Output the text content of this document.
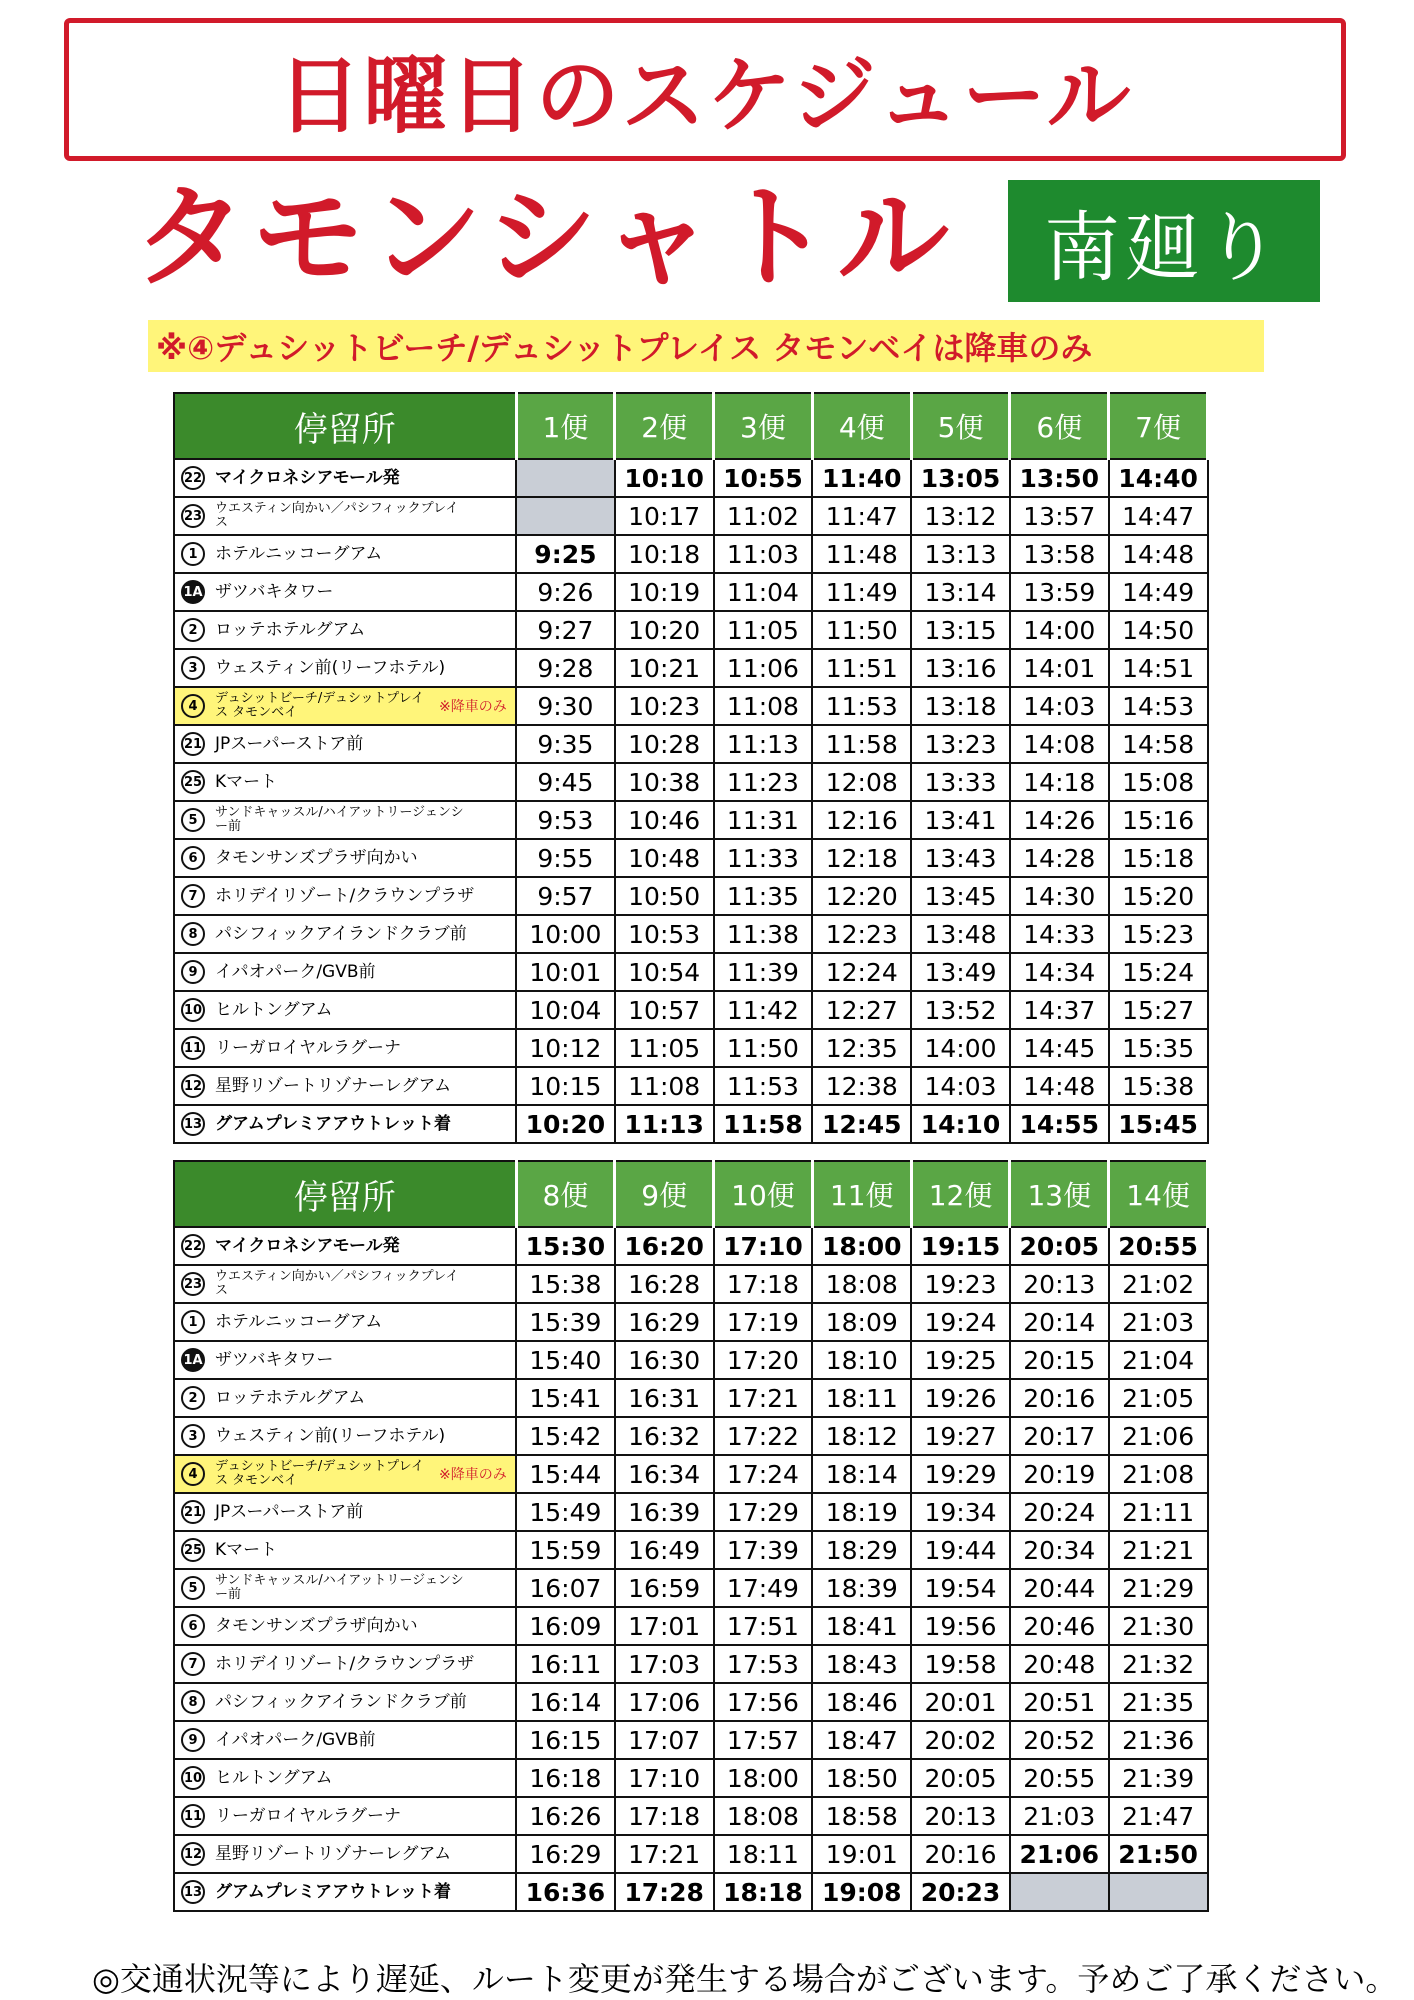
日曜日のスケジュール
タモンシャトル	南廻り
※④デュシットビーチ/デュシットプレイス タモンベイは降車のみ
停留所	1便	2便	3便	4便	5便	6便	7便

22 マイクロネシアモール発		10:10	10:55	11:40	13:05	13:50	14:40

23 ウエスティン向かい／パシフィックプレイス		10:17	11:02	11:47	13:12	13:57	14:47

1 ホテルニッコーグアム	9:25	10:18	11:03	11:48	13:13	13:58	14:48

1A ザツバキタワー	9:26	10:19	11:04	11:49	13:14	13:59	14:49

2 ロッテホテルグアム	9:27	10:20	11:05	11:50	13:15	14:00	14:50

3 ウェスティン前(リーフホテル)	9:28	10:21	11:06	11:51	13:16	14:01	14:51

4 デュシットビーチ/デュシットプレイス タモンベイ ※降車のみ	9:30	10:23	11:08	11:53	13:18	14:03	14:53

21 JPスーパーストア前	9:35	10:28	11:13	11:58	13:23	14:08	14:58

25 Kマート	9:45	10:38	11:23	12:08	13:33	14:18	15:08

5 サンドキャッスル/ハイアットリージェンシー前	9:53	10:46	11:31	12:16	13:41	14:26	15:16

6 タモンサンズプラザ向かい	9:55	10:48	11:33	12:18	13:43	14:28	15:18

7 ホリデイリゾート/クラウンプラザ	9:57	10:50	11:35	12:20	13:45	14:30	15:20

8 パシフィックアイランドクラブ前	10:00	10:53	11:38	12:23	13:48	14:33	15:23

9 イパオパーク/GVB前	10:01	10:54	11:39	12:24	13:49	14:34	15:24

10 ヒルトングアム	10:04	10:57	11:42	12:27	13:52	14:37	15:27

11 リーガロイヤルラグーナ	10:12	11:05	11:50	12:35	14:00	14:45	15:35

12 星野リゾートリゾナーレグアム	10:15	11:08	11:53	12:38	14:03	14:48	15:38

13 グアムプレミアアウトレット着	10:20	11:13	11:58	12:45	14:10	14:55	15:45
停留所	8便	9便	10便	11便	12便	13便	14便

22 マイクロネシアモール発	15:30	16:20	17:10	18:00	19:15	20:05	20:55

23 ウエスティン向かい／パシフィックプレイス	15:38	16:28	17:18	18:08	19:23	20:13	21:02

1 ホテルニッコーグアム	15:39	16:29	17:19	18:09	19:24	20:14	21:03

1A ザツバキタワー	15:40	16:30	17:20	18:10	19:25	20:15	21:04

2 ロッテホテルグアム	15:41	16:31	17:21	18:11	19:26	20:16	21:05

3 ウェスティン前(リーフホテル)	15:42	16:32	17:22	18:12	19:27	20:17	21:06

4 デュシットビーチ/デュシットプレイス タモンベイ ※降車のみ	15:44	16:34	17:24	18:14	19:29	20:19	21:08

21 JPスーパーストア前	15:49	16:39	17:29	18:19	19:34	20:24	21:11

25 Kマート	15:59	16:49	17:39	18:29	19:44	20:34	21:21

5 サンドキャッスル/ハイアットリージェンシー前	16:07	16:59	17:49	18:39	19:54	20:44	21:29

6 タモンサンズプラザ向かい	16:09	17:01	17:51	18:41	19:56	20:46	21:30

7 ホリデイリゾート/クラウンプラザ	16:11	17:03	17:53	18:43	19:58	20:48	21:32

8 パシフィックアイランドクラブ前	16:14	17:06	17:56	18:46	20:01	20:51	21:35

9 イパオパーク/GVB前	16:15	17:07	17:57	18:47	20:02	20:52	21:36

10 ヒルトングアム	16:18	17:10	18:00	18:50	20:05	20:55	21:39

11 リーガロイヤルラグーナ	16:26	17:18	18:08	18:58	20:13	21:03	21:47

12 星野リゾートリゾナーレグアム	16:29	17:21	18:11	19:01	20:16	21:06	21:50

13 グアムプレミアアウトレット着	16:36	17:28	18:18	19:08	20:23		
◎交通状況等により遅延、ルート変更が発生する場合がございます。予めご了承ください。
